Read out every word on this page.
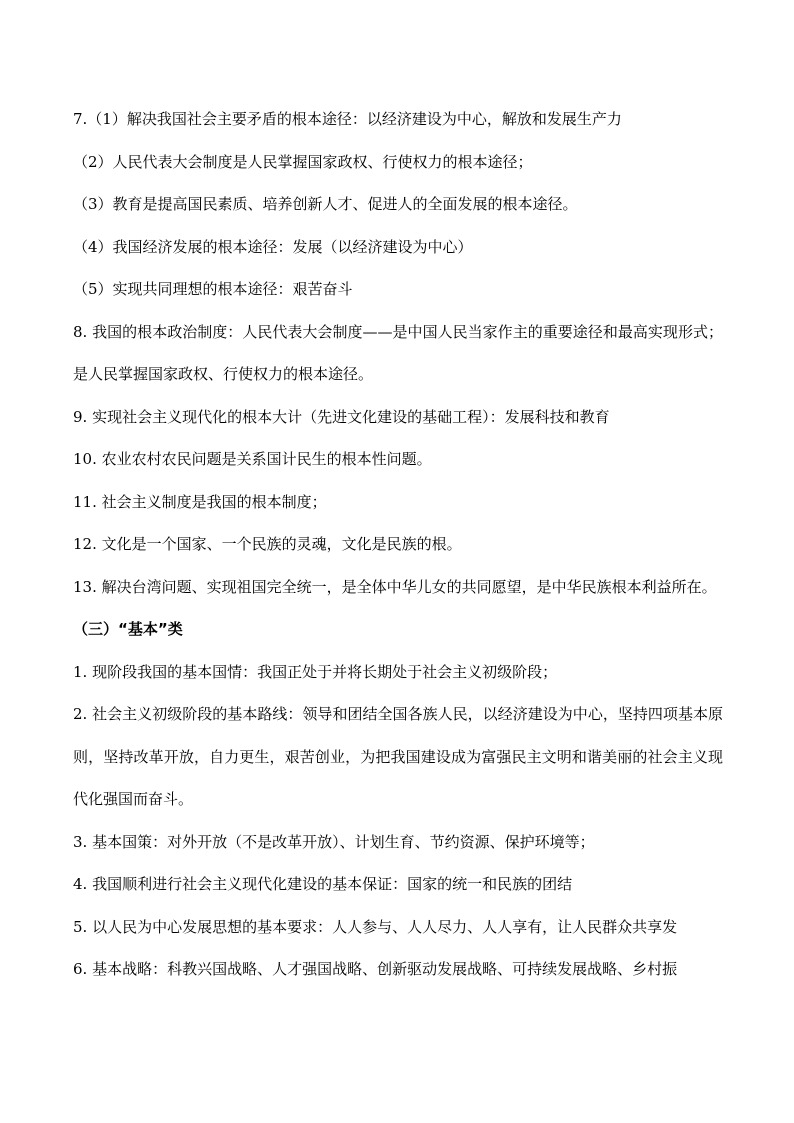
7.（1）解决我国社会主要矛盾的根本途径：以经济建设为中心，解放和发展生产力

（2）人民代表大会制度是人民掌握国家政权、行使权力的根本途径；

（3）教育是提高国民素质、培养创新人才、促进人的全面发展的根本途径。

（4）我国经济发展的根本途径：发展（以经济建设为中心）

（5）实现共同理想的根本途径：艰苦奋斗

8. 我国的根本政治制度：人民代表大会制度——是中国人民当家作主的重要途径和最高实现形式；是人民掌握国家政权、行使权力的根本途径。

9. 实现社会主义现代化的根本大计（先进文化建设的基础工程）：发展科技和教育

10. 农业农村农民问题是关系国计民生的根本性问题。

11. 社会主义制度是我国的根本制度；

12. 文化是一个国家、一个民族的灵魂，文化是民族的根。

13. 解决台湾问题、实现祖国完全统一，是全体中华儿女的共同愿望，是中华民族根本利益所在。

（三）“基本”类

1. 现阶段我国的基本国情：我国正处于并将长期处于社会主义初级阶段；

2. 社会主义初级阶段的基本路线：领导和团结全国各族人民，以经济建设为中心，坚持四项基本原则，坚持改革开放，自力更生，艰苦创业，为把我国建设成为富强民主文明和谐美丽的社会主义现代化强国而奋斗。

3. 基本国策：对外开放（不是改革开放）、计划生育、节约资源、保护环境等；

4. 我国顺利进行社会主义现代化建设的基本保证：国家的统一和民族的团结

5. 以人民为中心发展思想的基本要求：人人参与、人人尽力、人人享有，让人民群众共享发

6. 基本战略：科教兴国战略、人才强国战略、创新驱动发展战略、可持续发展战略、乡村振
